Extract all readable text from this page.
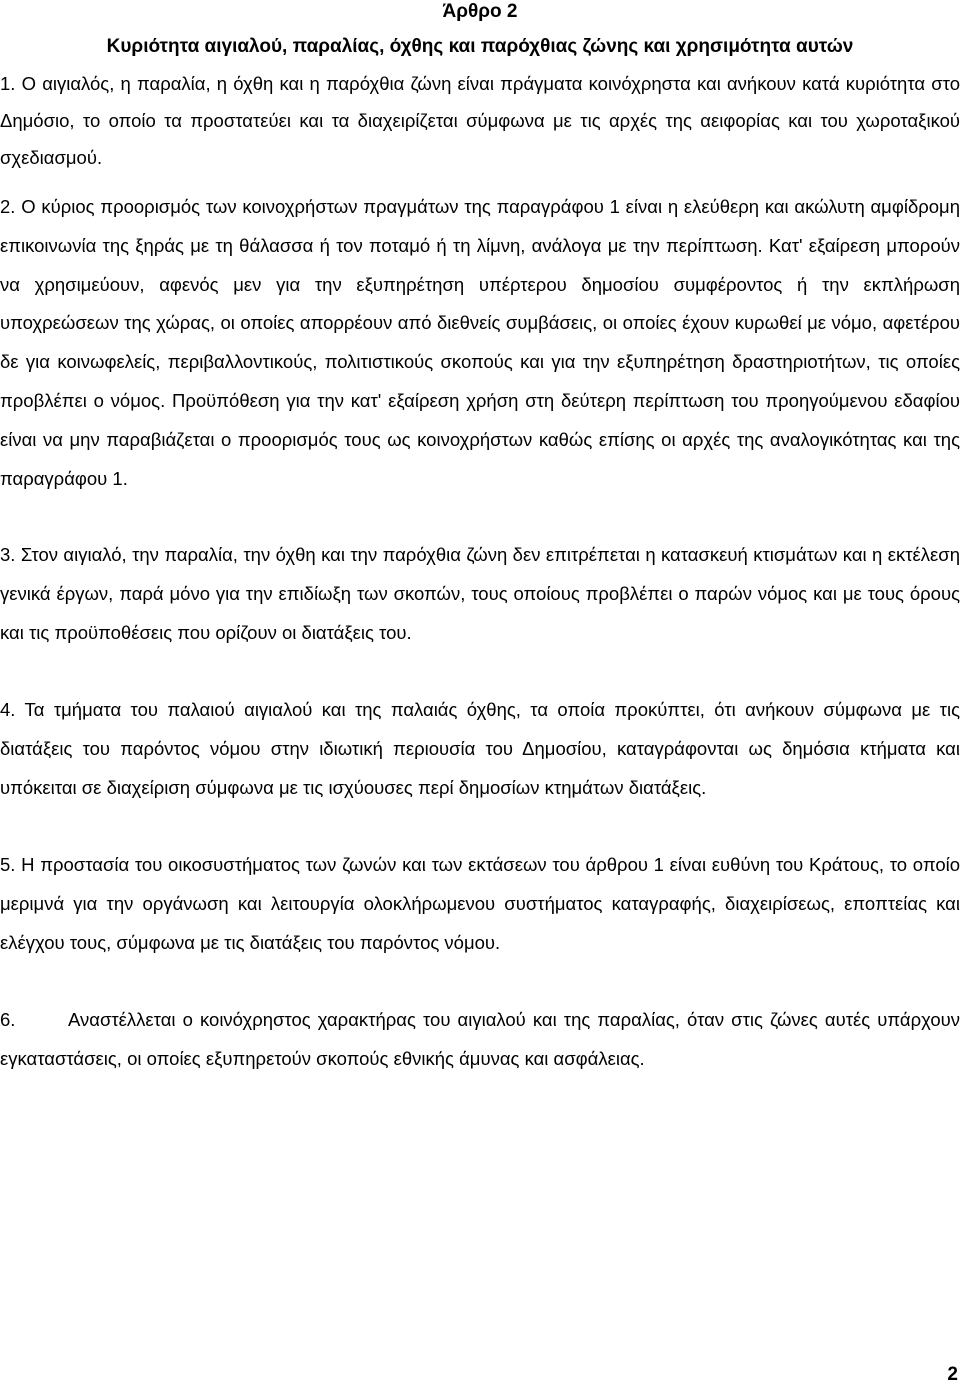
Άρθρο 2
Κυριότητα αιγιαλού, παραλίας, όχθης και παρόχθιας ζώνης και χρησιμότητα αυτών

1. Ο αιγιαλός, η παραλία, η όχθη και η παρόχθια ζώνη είναι πράγματα κοινόχρηστα και ανήκουν κατά κυριότητα στο Δημόσιο, το οποίο τα προστατεύει και τα διαχειρίζεται σύμφωνα με τις αρχές της αειφορίας και του χωροταξικού σχεδιασμού.

2. Ο κύριος προορισμός των κοινοχρήστων πραγμάτων της παραγράφου 1 είναι η ελεύθερη και ακώλυτη αμφίδρομη επικοινωνία της ξηράς με τη θάλασσα ή τον ποταμό ή τη λίμνη, ανάλογα με την περίπτωση. Κατ' εξαίρεση μπορούν να χρησιμεύουν, αφενός μεν για την εξυπηρέτηση υπέρτερου δημοσίου συμφέροντος ή την εκπλήρωση υποχρεώσεων της χώρας, οι οποίες απορρέουν από διεθνείς συμβάσεις, οι οποίες έχουν κυρωθεί με νόμο, αφετέρου δε για κοινωφελείς, περιβαλλοντικούς, πολιτιστικούς σκοπούς και για την εξυπηρέτηση δραστηριοτήτων, τις οποίες προβλέπει ο νόμος. Προϋπόθεση για την κατ' εξαίρεση χρήση στη δεύτερη περίπτωση του προηγούμενου εδαφίου είναι να μην παραβιάζεται ο προορισμός τους ως κοινοχρήστων καθώς επίσης οι αρχές της αναλογικότητας και της παραγράφου 1.

3. Στον αιγιαλό, την παραλία, την όχθη και την παρόχθια ζώνη δεν επιτρέπεται η κατασκευή κτισμάτων και η εκτέλεση γενικά έργων, παρά μόνο για την επιδίωξη των σκοπών, τους οποίους προβλέπει ο παρών νόμος και με τους όρους και τις προϋποθέσεις που ορίζουν οι διατάξεις του.

4. Τα τμήματα του παλαιού αιγιαλού και της παλαιάς όχθης, τα οποία προκύπτει, ότι ανήκουν σύμφωνα με τις διατάξεις του παρόντος νόμου στην ιδιωτική περιουσία του Δημοσίου, καταγράφονται ως δημόσια κτήματα και υπόκειται σε διαχείριση σύμφωνα με τις ισχύουσες περί δημοσίων κτημάτων διατάξεις.

5. Η προστασία του οικοσυστήματος των ζωνών και των εκτάσεων του άρθρου 1 είναι ευθύνη του Κράτους, το οποίο μεριμνά για την οργάνωση και λειτουργία ολοκλήρωμενου συστήματος καταγραφής, διαχειρίσεως, εποπτείας και ελέγχου τους, σύμφωνα με τις διατάξεις του παρόντος νόμου.

6.	Αναστέλλεται ο κοινόχρηστος χαρακτήρας του αιγιαλού και της παραλίας, όταν στις ζώνες αυτές υπάρχουν εγκαταστάσεις, οι οποίες εξυπηρετούν σκοπούς εθνικής άμυνας και ασφάλειας.

2
